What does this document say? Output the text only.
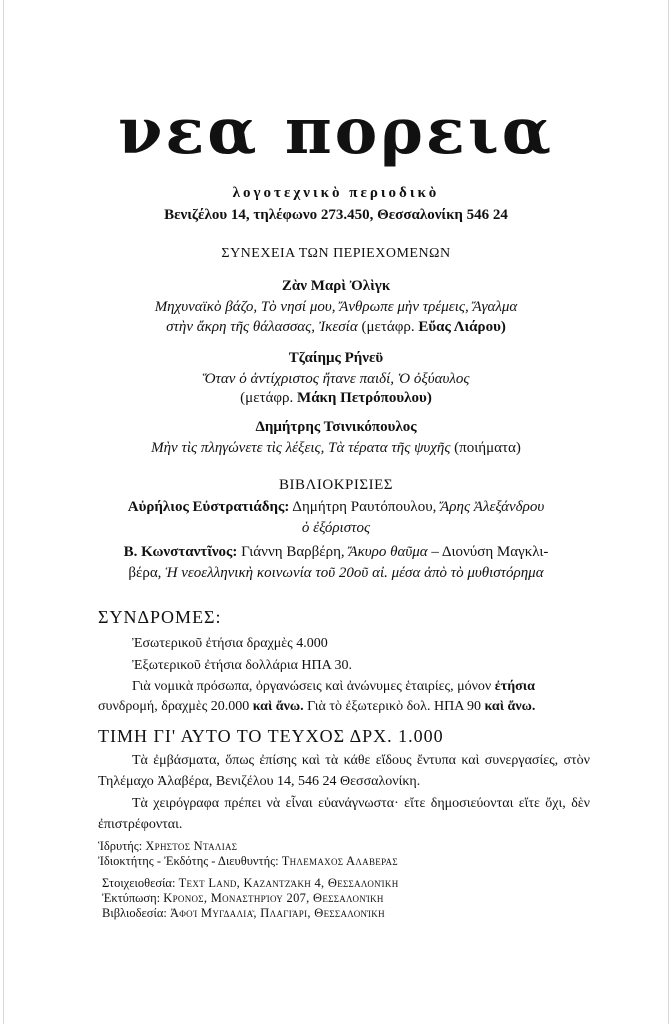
νεα πορεια
λογοτεχνικὸ περιοδικὸ
Βενιζέλου 14, τηλέφωνο 273.450, Θεσσαλονίκη 546 24
ΣΥΝΕΧΕΙΑ ΤΩΝ ΠΕΡΙΕΧΟΜΕΝΩΝ
Ζὰν Μαρὶ Ὀλὶγκ
Μηχυναϊκὸ βάζο, Τὸ νησί μου, Ἄνθρωπε μὴν τρέμεις, Ἄγαλμα
στὴν ἄκρη τῆς θάλασσας, Ἰκεσία (μετάφρ. Εὔας Λιάρου)
Τζαίημς Ρήνεϋ
Ὅταν ὁ ἀντίχριστος ἤτανε παιδί, Ὁ ὀξύαυλος
(μετάφρ. Μάκη Πετρόπουλου)
Δημήτρης Τσινικόπουλος
Μὴν τὶς πληγώνετε τὶς λέξεις, Τὰ τέρατα τῆς ψυχῆς (ποιήματα)
ΒΙΒΛΙΟΚΡΙΣΙΕΣ
Αὐρήλιος Εὐστρατιάδης: Δημήτρη Ραυτόπουλου, Ἄρης Ἀλεξάνδρου
ὁ ἐξόριστος
Β. Κωνσταντῖνος: Γιάννη Βαρβέρη, Ἄκυρο θαῦμα – Διονύση Μαγκλι-
βέρα, Ἡ νεοελληνικὴ κοινωνία τοῦ 20οῦ αἰ. μέσα ἀπὸ τὸ μυθιστόρημα
ΣΥΝΔΡΟΜΕΣ:
Ἐσωτερικοῦ ἐτήσια δραχμὲς 4.000
Ἐξωτερικοῦ ἐτήσια δολλάρια ΗΠΑ 30.
Γιὰ νομικὰ πρόσωπα, ὀργανώσεις καὶ ἀνώνυμες ἑταιρίες, μόνον ἐτήσια
συνδρομή, δραχμὲς 20.000 καὶ ἄνω. Γιὰ τὸ ἐξωτερικὸ δολ. ΗΠΑ 90 καὶ ἄνω.
ΤΙΜΗ ΓΙ' ΑΥΤΟ ΤΟ ΤΕΥΧΟΣ ΔΡΧ. 1.000
Τὰ ἐμβάσματα, ὅπως ἐπίσης καὶ τὰ κάθε εἴδους ἔντυπα καὶ συνεργασίες, στὸν Τηλέμαχο Ἀλαβέρα, Βενιζέλου 14, 546 24 Θεσσαλονίκη.
Τὰ χειρόγραφα πρέπει νὰ εἶναι εὐανάγνωστα· εἴτε δημοσιεύονται εἴτε ὄχι, δὲν ἐπιστρέφονται.
Ἱδρυτής: Χρηστος Νταλιας
Ἰδιοκτήτης - Ἐκδότης - Διευθυντής: Τηλεμαχος Αλαβερας
Στοιχειοθεσία: Text Land, Καζαντζάκη 4, Θεσσαλονίκη
Ἐκτύπωση: Κρονος, Μοναστηρίου 207, Θεσσαλονίκη
Βιβλιοδεσία: Ἀφοὶ Μυγδαλιᾶ, Πλαγιάρι, Θεσσαλονίκη
